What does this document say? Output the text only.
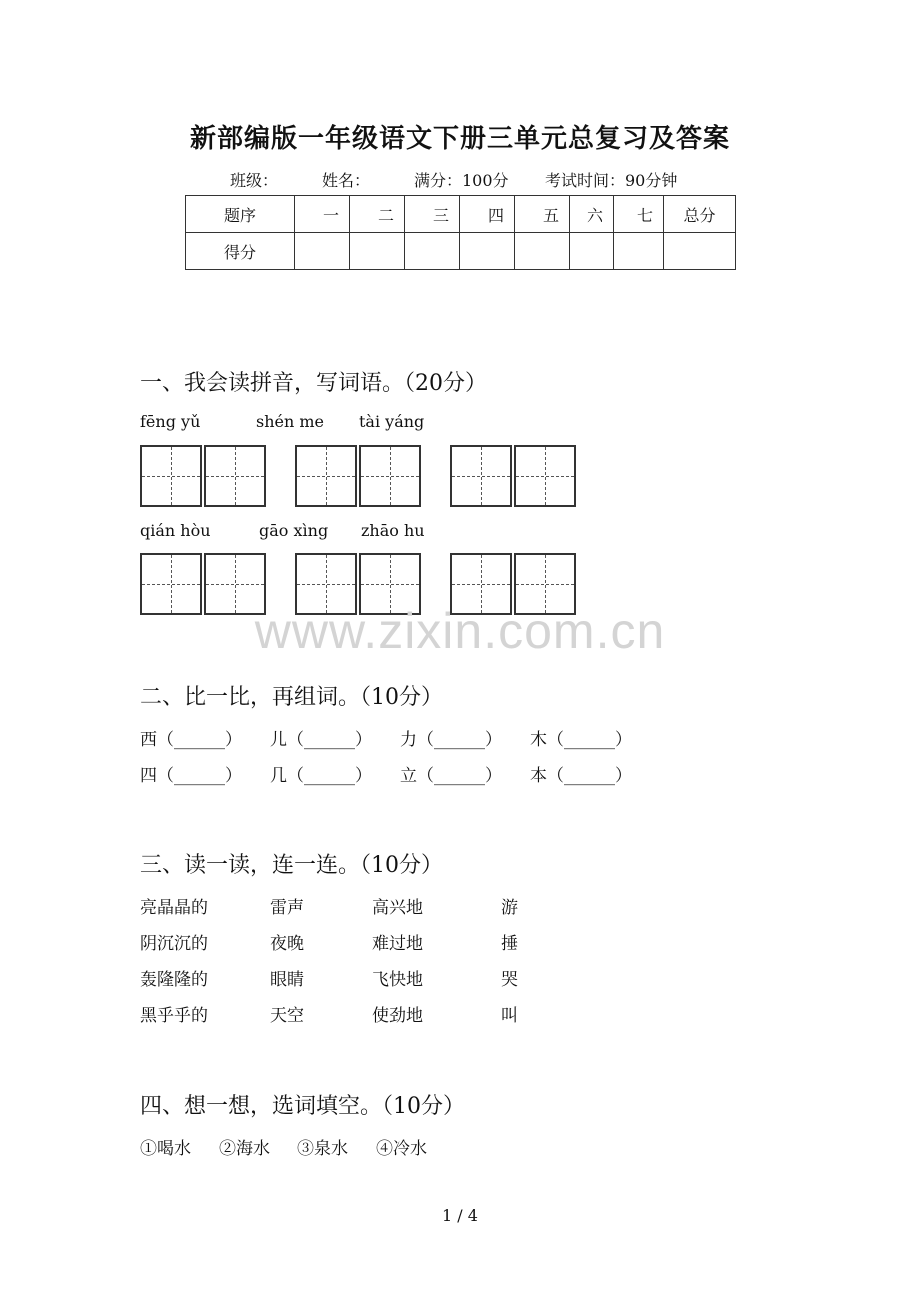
新部编版一年级语文下册三单元总复习及答案
班级：	姓名：	满分：100分 考试时间：90分钟
题序	一	二	三	四	五	六	七	总分
得分								
一、我会读拼音，写词语。（20分）
fēng yǔ	shén me tài yáng
qián hòu	gāo xìng zhāo hu
www.zixin.com.cn
二、比一比，再组词。（10分）
西（______） 儿（______） 力（______） 木（______）
四（______） 几（______） 立（______） 本（______）
三、读一读，连一连。（10分）
亮晶晶的	雷声	高兴地	游
阴沉沉的	夜晚	难过地	捶
轰隆隆的	眼睛	飞快地	哭
黑乎乎的	天空	使劲地	叫
四、想一想，选词填空。（10分）
①喝水 ②海水 ③泉水 ④冷水
1 / 4
